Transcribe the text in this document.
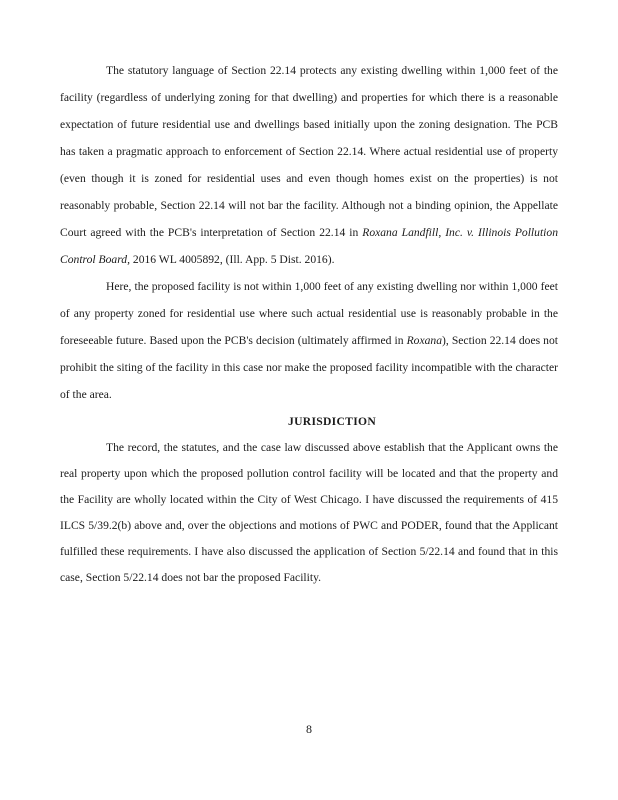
The statutory language of Section 22.14 protects any existing dwelling within 1,000 feet of the facility (regardless of underlying zoning for that dwelling) and properties for which there is a reasonable expectation of future residential use and dwellings based initially upon the zoning designation. The PCB has taken a pragmatic approach to enforcement of Section 22.14. Where actual residential use of property (even though it is zoned for residential uses and even though homes exist on the properties) is not reasonably probable, Section 22.14 will not bar the facility. Although not a binding opinion, the Appellate Court agreed with the PCB's interpretation of Section 22.14 in Roxana Landfill, Inc. v. Illinois Pollution Control Board, 2016 WL 4005892, (Ill. App. 5 Dist. 2016).

Here, the proposed facility is not within 1,000 feet of any existing dwelling nor within 1,000 feet of any property zoned for residential use where such actual residential use is reasonably probable in the foreseeable future. Based upon the PCB's decision (ultimately affirmed in Roxana), Section 22.14 does not prohibit the siting of the facility in this case nor make the proposed facility incompatible with the character of the area.

JURISDICTION

The record, the statutes, and the case law discussed above establish that the Applicant owns the real property upon which the proposed pollution control facility will be located and that the property and the Facility are wholly located within the City of West Chicago. I have discussed the requirements of 415 ILCS 5/39.2(b) above and, over the objections and motions of PWC and PODER, found that the Applicant fulfilled these requirements. I have also discussed the application of Section 5/22.14 and found that in this case, Section 5/22.14 does not bar the proposed Facility.

8
